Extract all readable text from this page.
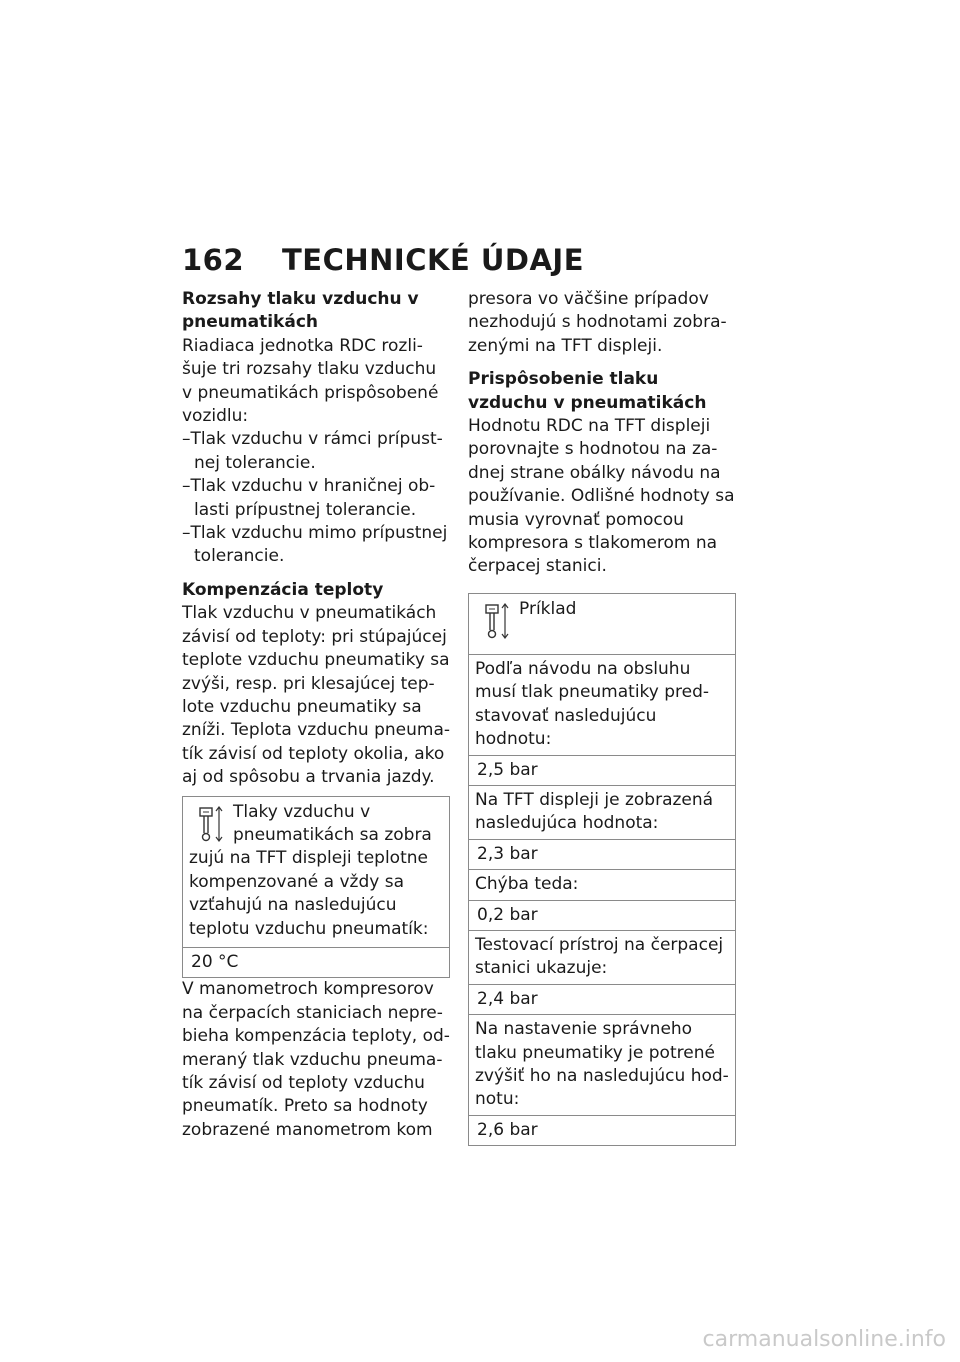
162 TECHNICKÉ ÚDAJE

Rozsahy tlaku vzduchu v pneumatikách

Riadiaca jednotka RDC rozlišuje tri rozsahy tlaku vzduchu v pneumatikách prispôsobené vozidlu:

–Tlak vzduchu v rámci prípustnej tolerancie.
–Tlak vzduchu v hraničnej oblasti prípustnej tolerancie.
–Tlak vzduchu mimo prípustnej tolerancie.

Kompenzácia teploty

Tlak vzduchu v pneumatikách závisí od teploty: pri stúpajúcej teplote vzduchu pneumatiky sa zvýši, resp. pri klesajúcej teplote vzduchu pneumatiky sa zníži. Teplota vzduchu pneumatík závisí od teploty okolia, ako aj od spôsobu a trvania jazdy.

Tlaky vzduchu v pneumatikách sa zobra
zujú na TFT displeji teplotne kompenzované a vždy sa vzťahujú na nasledujúcu teplotu vzduchu pneumatík:
20 °C

V manometroch kompresorov na čerpacích staniciach neprebieha kompenzácia teploty, odmeraný tlak vzduchu pneumatík závisí od teploty vzduchu pneumatík. Preto sa hodnoty zobrazené manometrom kom

presora vo väčšine prípadov nezhodujú s hodnotami zobrazenými na TFT displeji.

Prispôsobenie tlaku vzduchu v pneumatikách

Hodnotu RDC na TFT displeji porovnajte s hodnotou na zadnej strane obálky návodu na používanie. Odlišné hodnoty sa musia vyrovnať pomocou kompresora s tlakomerom na čerpacej stanici.

Príklad
Podľa návodu na obsluhu musí tlak pneumatiky predstavovať nasledujúcu hodnotu:
2,5 bar
Na TFT displeji je zobrazená nasledujúca hodnota:
2,3 bar
Chýba teda:
0,2 bar
Testovací prístroj na čerpacej stanici ukazuje:
2,4 bar
Na nastavenie správneho tlaku pneumatiky je potrené zvýšiť ho na nasledujúcu hodnotu:
2,6 bar
carmanualsonline.info
